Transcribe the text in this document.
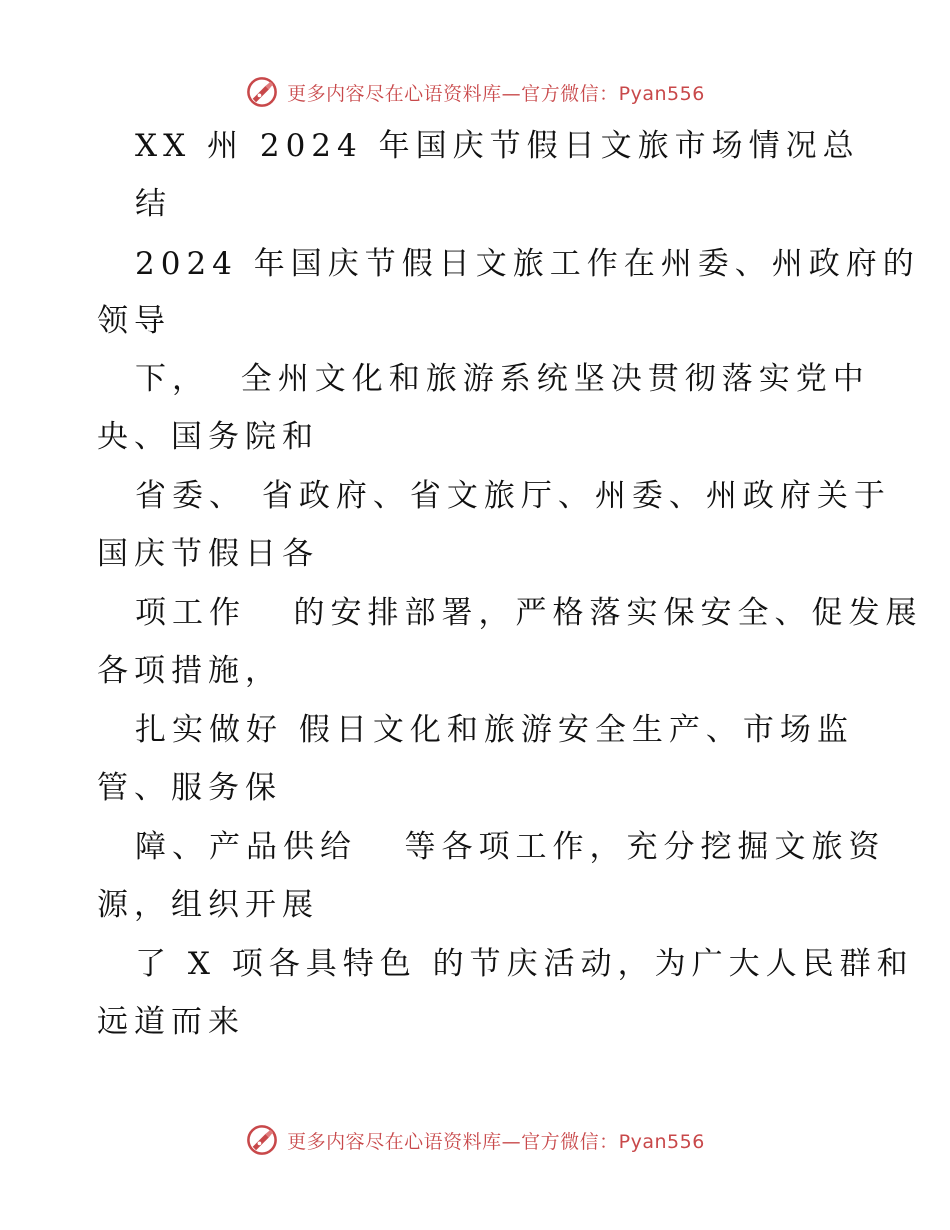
更多内容尽在心语资料库—官方微信：Pyan556
XX 州 2024 年国庆节假日文旅市场情况总
结
2024 年国庆节假日文旅工作在州委、州政府的
领导
下，  全州文化和旅游系统坚决贯彻落实党中
央、国务院和
省委、 省政府、省文旅厅、州委、州政府关于
国庆节假日各
项工作   的安排部署，严格落实保安全、促发展
各项措施，
扎实做好 假日文化和旅游安全生产、市场监
管、服务保
障、产品供给   等各项工作，充分挖掘文旅资
源，组织开展
了 X 项各具特色 的节庆活动，为广大人民群和
远道而来
更多内容尽在心语资料库—官方微信：Pyan556
